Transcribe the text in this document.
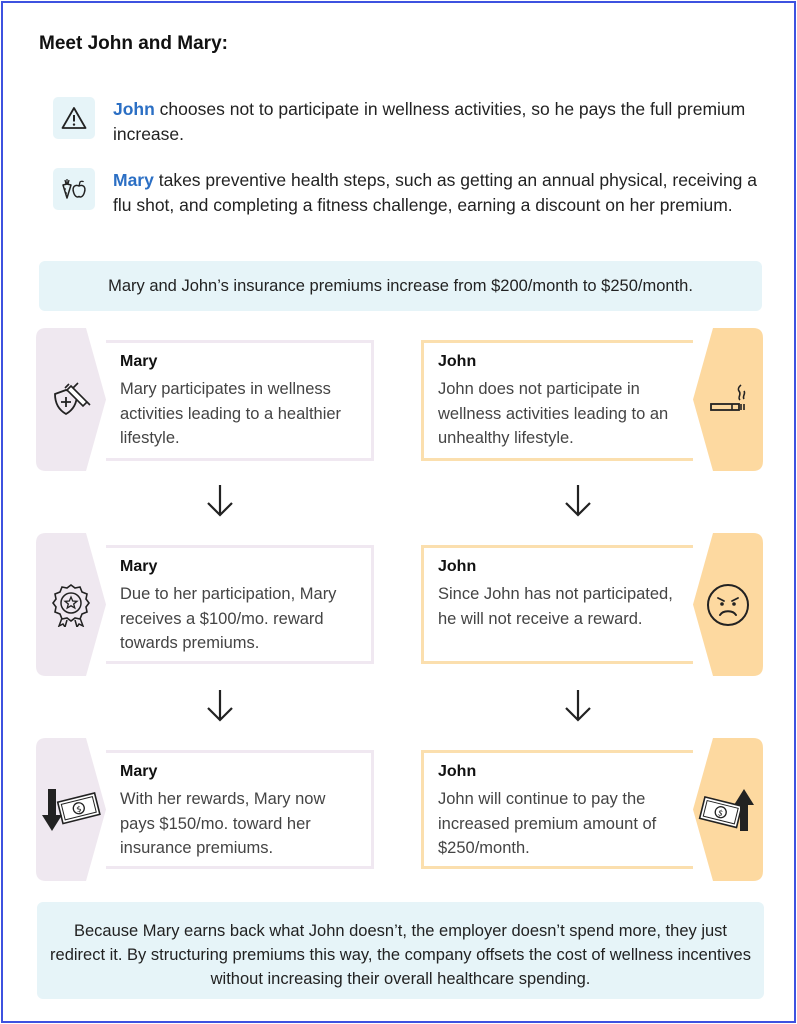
Meet John and Mary:
John chooses not to participate in wellness activities, so he pays the full premium increase.
Mary takes preventive health steps, such as getting an annual physical, receiving a flu shot, and completing a fitness challenge, earning a discount on her premium.
Mary and John’s insurance premiums increase from $200/month to $250/month.
Mary
Mary participates in wellness activities leading to a healthier lifestyle.
John
John does not participate in wellness activities leading to an unhealthy lifestyle.
Mary
Due to her participation, Mary receives a $100/mo. reward towards premiums.
John
Since John has not participated, he will not receive a reward.
$
Mary
With her rewards, Mary now pays $150/mo. toward her insurance premiums.
John
John will continue to pay the increased premium amount of $250/month.
$
Because Mary earns back what John doesn’t, the employer doesn’t spend more, they just redirect it. By structuring premiums this way, the company offsets the cost of wellness incentives without increasing their overall healthcare spending.
